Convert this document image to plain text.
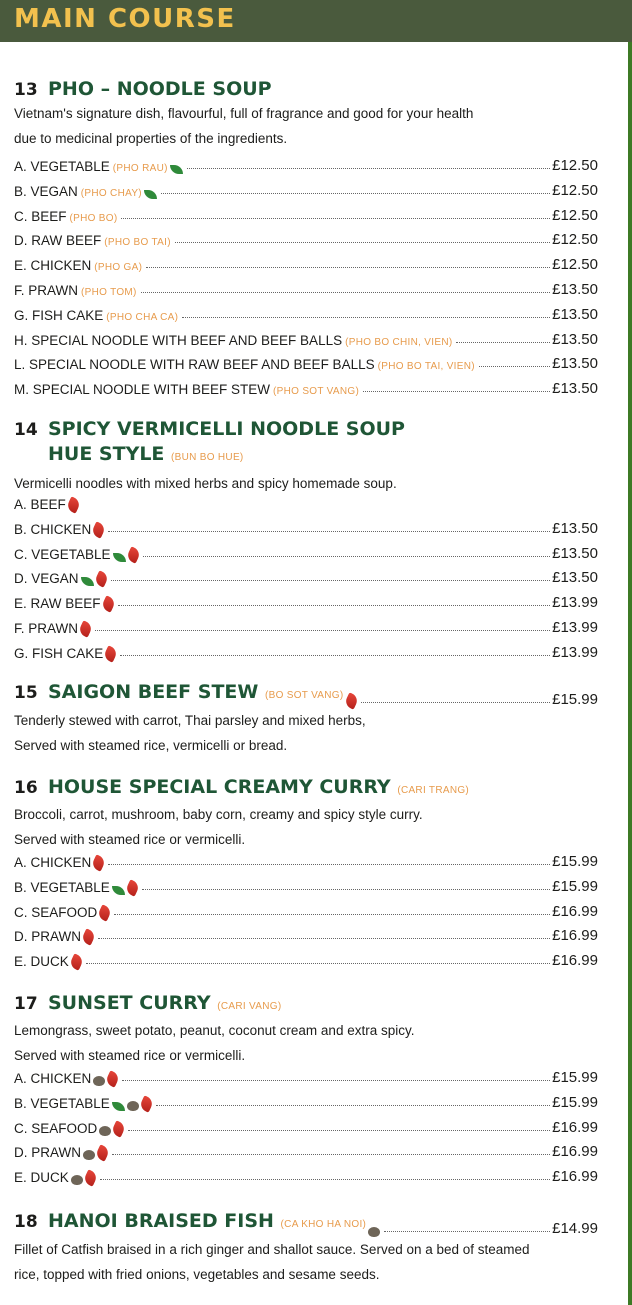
MAIN COURSE
13 PHO – NOODLE SOUP
Vietnam's signature dish, flavourful, full of fragrance and good for your health
due to medicinal properties of the ingredients.
A. VEGETABLE (PHO RAU)	£12.50
B. VEGAN (PHO CHAY)	£12.50
C. BEEF (PHO BO)	£12.50
D. RAW BEEF (PHO BO TAI)	£12.50
E. CHICKEN (PHO GA)	£12.50
F. PRAWN (PHO TOM)	£13.50
G. FISH CAKE (PHO CHA CA)	£13.50
H. SPECIAL NOODLE WITH BEEF AND BEEF BALLS (PHO BO CHIN, VIEN)	£13.50
L. SPECIAL NOODLE WITH RAW BEEF AND BEEF BALLS (PHO BO TAI, VIEN)	£13.50
M. SPECIAL NOODLE WITH BEEF STEW (PHO SOT VANG)	£13.50
14 SPICY VERMICELLI NOODLE SOUP
HUE STYLE (BUN BO HUE)
Vermicelli noodles with mixed herbs and spicy homemade soup.
A. BEEF
B. CHICKEN	£13.50
C. VEGETABLE	£13.50
D. VEGAN	£13.50
E. RAW BEEF	£13.99
F. PRAWN	£13.99
G. FISH CAKE	£13.99
15 SAIGON BEEF STEW (BO SOT VANG)	£15.99
Tenderly stewed with carrot, Thai parsley and mixed herbs,
Served with steamed rice, vermicelli or bread.
16 HOUSE SPECIAL CREAMY CURRY (CARI TRANG)
Broccoli, carrot, mushroom, baby corn, creamy and spicy style curry.
Served with steamed rice or vermicelli.
A. CHICKEN	£15.99
B. VEGETABLE	£15.99
C. SEAFOOD	£16.99
D. PRAWN	£16.99
E. DUCK	£16.99
17 SUNSET CURRY (CARI VANG)
Lemongrass, sweet potato, peanut, coconut cream and extra spicy.
Served with steamed rice or vermicelli.
A. CHICKEN	£15.99
B. VEGETABLE	£15.99
C. SEAFOOD	£16.99
D. PRAWN	£16.99
E. DUCK	£16.99
18 HANOI BRAISED FISH (CA KHO HA NOI)	£14.99
Fillet of Catfish braised in a rich ginger and shallot sauce. Served on a bed of steamed
rice, topped with fried onions, vegetables and sesame seeds.
